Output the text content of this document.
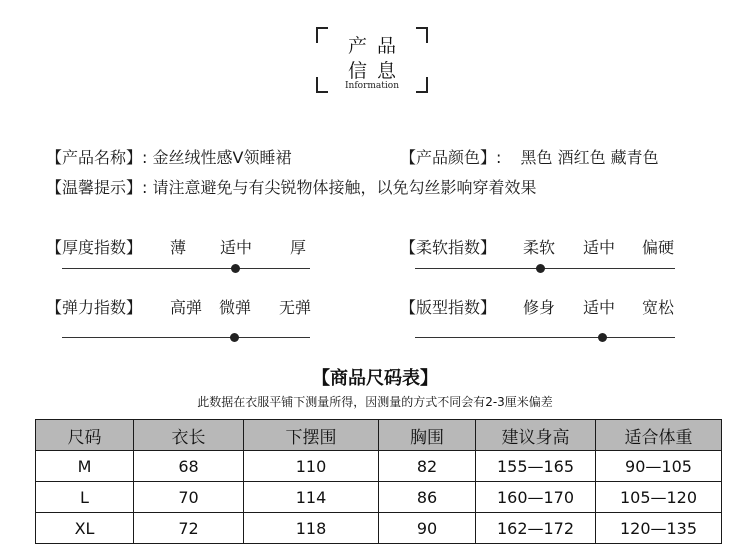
产品
信息
Information
【产品名称】: 金丝绒性感V领睡裙	【产品颜色】: 黑色 酒红色 藏青色
【温馨提示】: 请注意避免与有尖锐物体接触，以免勾丝影响穿着效果
【厚度指数】 薄 适中 厚	【柔软指数】 柔软 适中 偏硬
【弹力指数】 高弹 微弹 无弹	【版型指数】 修身 适中 宽松
【商品尺码表】
此数据在衣服平铺下测量所得，因测量的方式不同会有2-3厘米偏差
尺码	衣长	下摆围	胸围	建议身高	适合体重
M	68	110	82	155—165	90—105
L	70	114	86	160—170	105—120
XL	72	118	90	162—172	120—135
